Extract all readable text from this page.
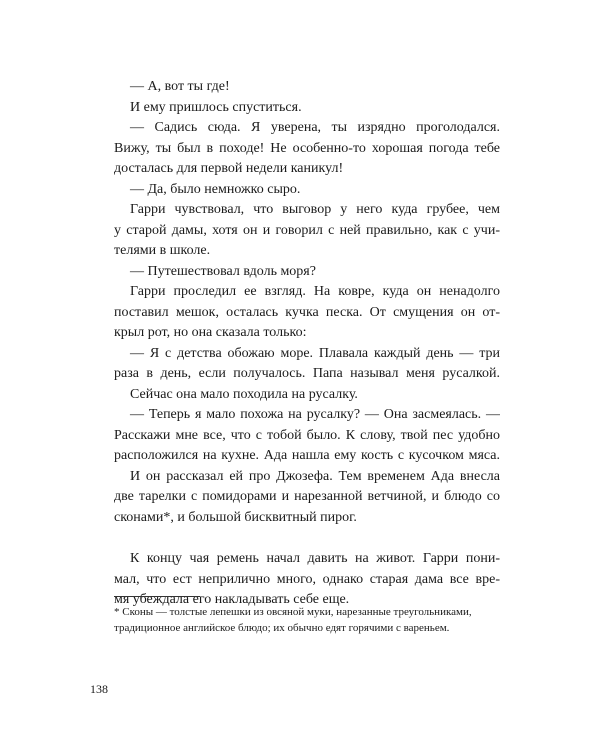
— А, вот ты где!
И ему пришлось спуститься.
— Садись сюда. Я уверена, ты изрядно проголодался.
Вижу, ты был в походе! Не особенно-то хорошая погода тебе
досталась для первой недели каникул!
— Да, было немножко сыро.
Гарри чувствовал, что выговор у него куда грубее, чем
у старой дамы, хотя он и говорил с ней правильно, как с учи-
телями в школе.
— Путешествовал вдоль моря?
Гарри проследил ее взгляд. На ковре, куда он ненадолго
поставил мешок, осталась кучка песка. От смущения он от-
крыл рот, но она сказала только:
— Я с детства обожаю море. Плавала каждый день — три
раза в день, если получалось. Папа называл меня русалкой.
Сейчас она мало походила на русалку.
— Теперь я мало похожа на русалку? — Она засмеялась. —
Расскажи мне все, что с тобой было. К слову, твой пес удобно
расположился на кухне. Ада нашла ему кость с кусочком мяса.
И он рассказал ей про Джозефа. Тем временем Ада внесла
две тарелки с помидорами и нарезанной ветчиной, и блюдо со
сконами*, и большой бисквитный пирог.
К концу чая ремень начал давить на живот. Гарри пони-
мал, что ест неприлично много, однако старая дама все вре-
мя убеждала его накладывать себе еще.
* Сконы — толстые лепешки из овсяной муки, нарезанные треугольниками,
традиционное английское блюдо; их обычно едят горячими с вареньем.
138
